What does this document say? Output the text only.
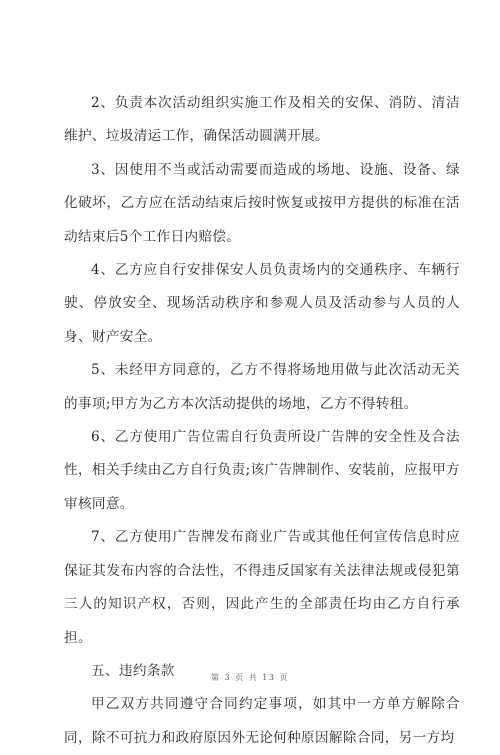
2、负责本次活动组织实施工作及相关的安保、消防、清洁维护、垃圾清运工作，确保活动圆满开展。

3、因使用不当或活动需要而造成的场地、设施、设备、绿化破坏，乙方应在活动结束后按时恢复或按甲方提供的标准在活动结束后5个工作日内赔偿。

4、乙方应自行安排保安人员负责场内的交通秩序、车辆行驶、停放安全、现场活动秩序和参观人员及活动参与人员的人身、财产安全。

5、未经甲方同意的，乙方不得将场地用做与此次活动无关的事项;甲方为乙方本次活动提供的场地，乙方不得转租。

6、乙方使用广告位需自行负责所设广告牌的安全性及合法性，相关手续由乙方自行负责;该广告牌制作、安装前，应报甲方审核同意。

7、乙方使用广告牌发布商业广告或其他任何宣传信息时应保证其发布内容的合法性，不得违反国家有关法律法规或侵犯第三人的知识产权，否则，因此产生的全部责任均由乙方自行承担。

五、违约条款

甲乙双方共同遵守合同约定事项，如其中一方单方解除合同，除不可抗力和政府原因外无论何种原因解除合同，另一方均

第 3 页 共 13 页
